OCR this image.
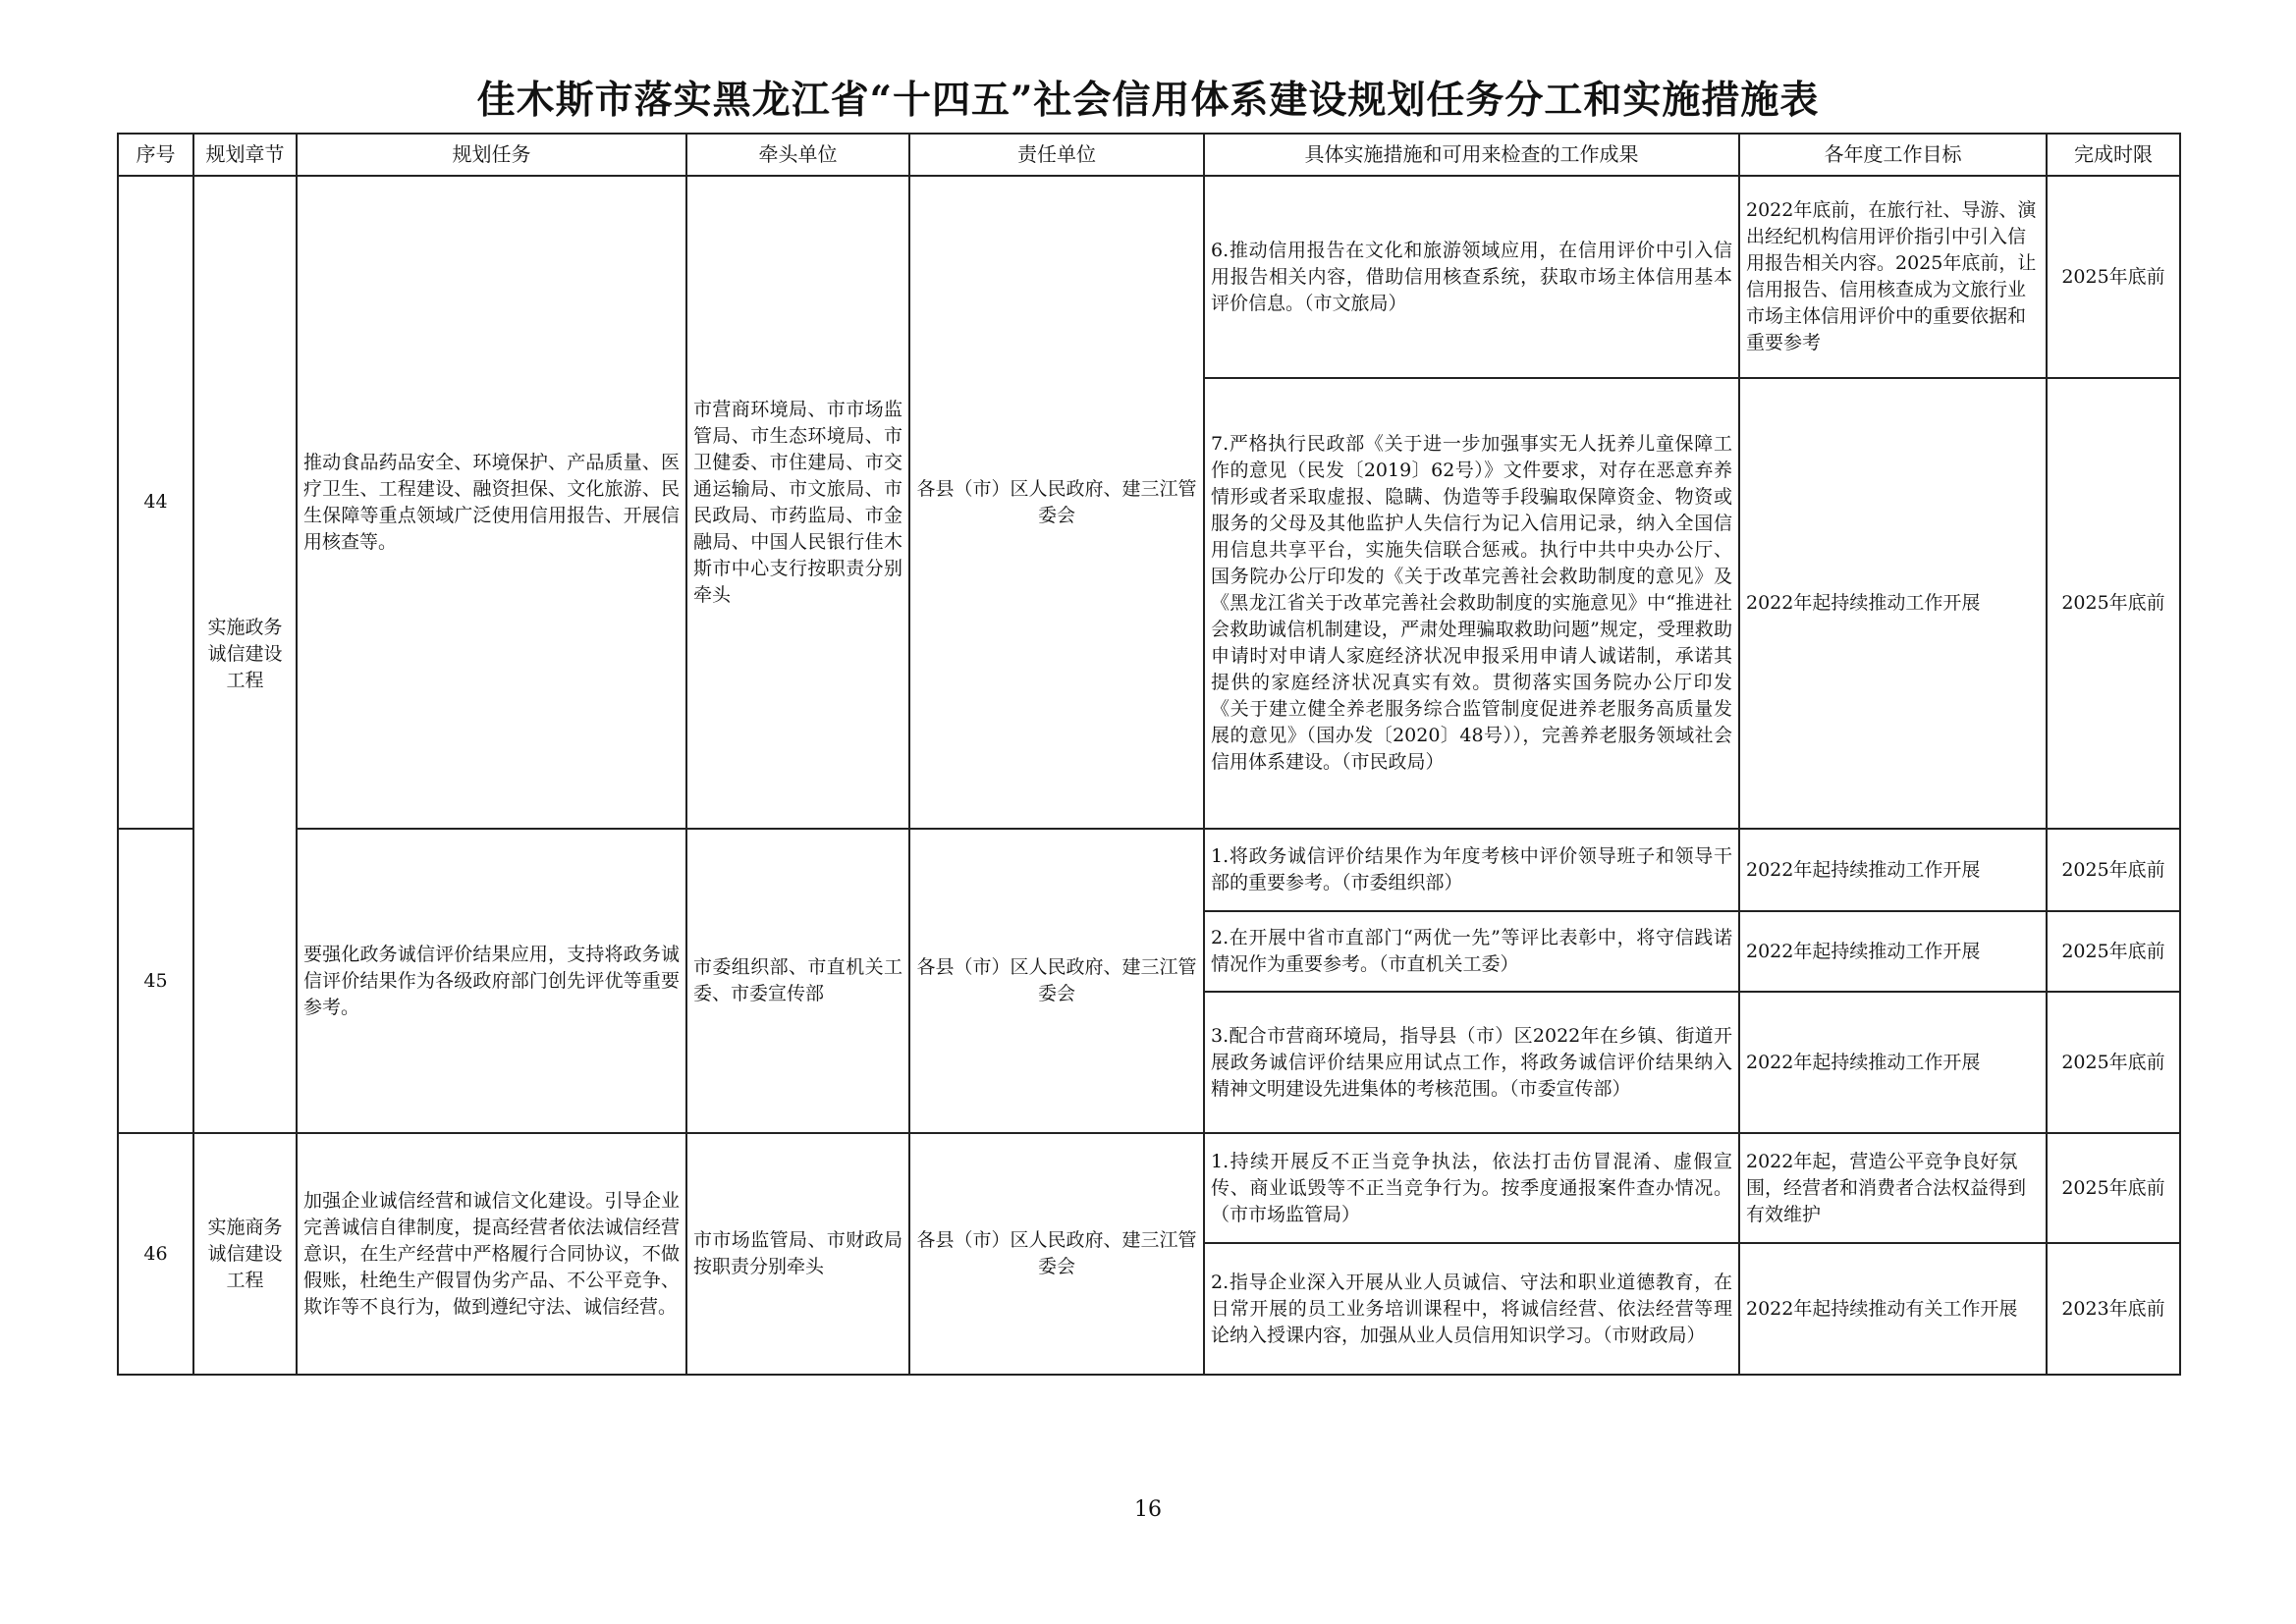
佳木斯市落实黑龙江省“十四五”社会信用体系建设规划任务分工和实施措施表
序号	规划章节	规划任务	牵头单位	责任单位	具体实施措施和可用来检查的工作成果	各年度工作目标	完成时限
44	实施政务诚信建设工程	推动食品药品安全、环境保护、产品质量、医疗卫生、工程建设、融资担保、文化旅游、民生保障等重点领域广泛使用信用报告、开展信用核查等。	市营商环境局、市市场监管局、市生态环境局、市卫健委、市住建局、市交通运输局、市文旅局、市民政局、市药监局、市金融局、中国人民银行佳木斯市中心支行按职责分别牵头	各县（市）区人民政府、建三江管委会	6.推动信用报告在文化和旅游领域应用，在信用评价中引入信用报告相关内容，借助信用核查系统，获取市场主体信用基本评价信息。（市文旅局）	2022年底前，在旅行社、导游、演出经纪机构信用评价指引中引入信用报告相关内容。2025年底前，让信用报告、信用核查成为文旅行业市场主体信用评价中的重要依据和重要参考	2025年底前
					7.严格执行民政部《关于进一步加强事实无人抚养儿童保障工作的意见（民发〔2019〕62号）》文件要求，对存在恶意弃养情形或者采取虚报、隐瞒、伪造等手段骗取保障资金、物资或服务的父母及其他监护人失信行为记入信用记录，纳入全国信用信息共享平台，实施失信联合惩戒。执行中共中央办公厅、国务院办公厅印发的《关于改革完善社会救助制度的意见》及《黑龙江省关于改革完善社会救助制度的实施意见》中“推进社会救助诚信机制建设，严肃处理骗取救助问题”规定，受理救助申请时对申请人家庭经济状况申报采用申请人诚诺制，承诺其提供的家庭经济状况真实有效。贯彻落实国务院办公厅印发《关于建立健全养老服务综合监管制度促进养老服务高质量发展的意见》（国办发〔2020〕48号）），完善养老服务领域社会信用体系建设。（市民政局）	2022年起持续推动工作开展	2025年底前
45		要强化政务诚信评价结果应用，支持将政务诚信评价结果作为各级政府部门创先评优等重要参考。	市委组织部、市直机关工委、市委宣传部	各县（市）区人民政府、建三江管委会	1.将政务诚信评价结果作为年度考核中评价领导班子和领导干部的重要参考。（市委组织部）	2022年起持续推动工作开展	2025年底前
					2.在开展中省市直部门“两优一先”等评比表彰中，将守信践诺情况作为重要参考。（市直机关工委）	2022年起持续推动工作开展	2025年底前
					3.配合市营商环境局，指导县（市）区2022年在乡镇、街道开展政务诚信评价结果应用试点工作，将政务诚信评价结果纳入精神文明建设先进集体的考核范围。（市委宣传部）	2022年起持续推动工作开展	2025年底前
46	实施商务诚信建设工程	加强企业诚信经营和诚信文化建设。引导企业完善诚信自律制度，提高经营者依法诚信经营意识，在生产经营中严格履行合同协议，不做假账，杜绝生产假冒伪劣产品、不公平竞争、欺诈等不良行为，做到遵纪守法、诚信经营。	市市场监管局、市财政局按职责分别牵头	各县（市）区人民政府、建三江管委会	1.持续开展反不正当竞争执法，依法打击仿冒混淆、虚假宣传、商业诋毁等不正当竞争行为。按季度通报案件查办情况。（市市场监管局）	2022年起，营造公平竞争良好氛围，经营者和消费者合法权益得到有效维护	2025年底前
					2.指导企业深入开展从业人员诚信、守法和职业道德教育，在日常开展的员工业务培训课程中，将诚信经营、依法经营等理论纳入授课内容，加强从业人员信用知识学习。（市财政局）	2022年起持续推动有关工作开展	2023年底前
16
